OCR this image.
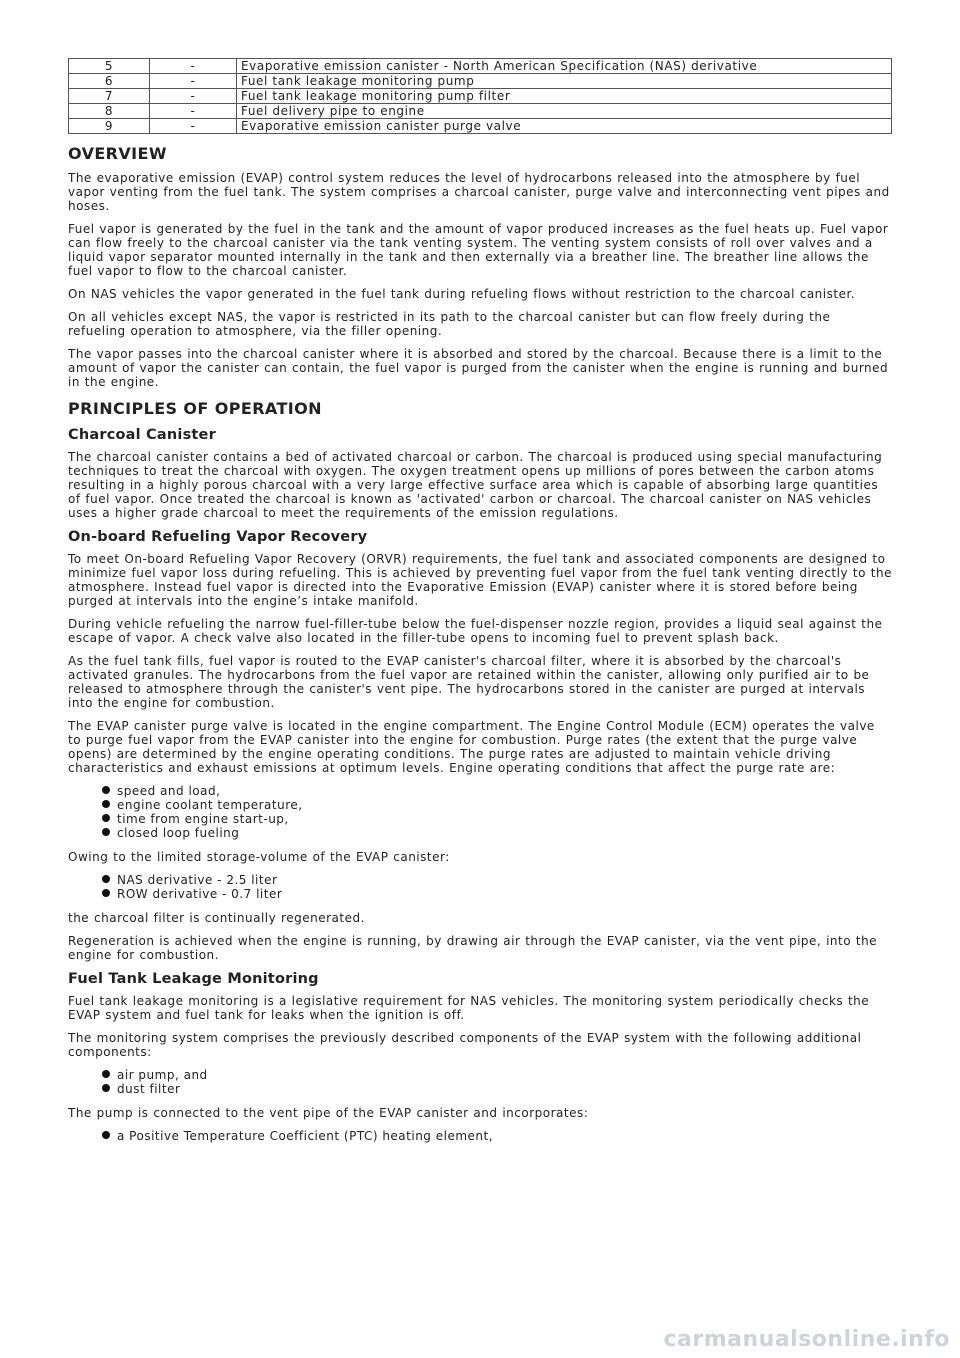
5	-	Evaporative emission canister - North American Specification (NAS) derivative
6	-	Fuel tank leakage monitoring pump
7	-	Fuel tank leakage monitoring pump filter
8	-	Fuel delivery pipe to engine
9	-	Evaporative emission canister purge valve
OVERVIEW

The evaporative emission (EVAP) control system reduces the level of hydrocarbons released into the atmosphere by fuel vapor venting from the fuel tank. The system comprises a charcoal canister, purge valve and interconnecting vent pipes and hoses.

Fuel vapor is generated by the fuel in the tank and the amount of vapor produced increases as the fuel heats up. Fuel vapor can flow freely to the charcoal canister via the tank venting system. The venting system consists of roll over valves and a liquid vapor separator mounted internally in the tank and then externally via a breather line. The breather line allows the fuel vapor to flow to the charcoal canister.

On NAS vehicles the vapor generated in the fuel tank during refueling flows without restriction to the charcoal canister.

On all vehicles except NAS, the vapor is restricted in its path to the charcoal canister but can flow freely during the refueling operation to atmosphere, via the filler opening.

The vapor passes into the charcoal canister where it is absorbed and stored by the charcoal. Because there is a limit to the amount of vapor the canister can contain, the fuel vapor is purged from the canister when the engine is running and burned in the engine.

PRINCIPLES OF OPERATION
Charcoal Canister

The charcoal canister contains a bed of activated charcoal or carbon. The charcoal is produced using special manufacturing techniques to treat the charcoal with oxygen. The oxygen treatment opens up millions of pores between the carbon atoms resulting in a highly porous charcoal with a very large effective surface area which is capable of absorbing large quantities of fuel vapor. Once treated the charcoal is known as 'activated' carbon or charcoal. The charcoal canister on NAS vehicles uses a higher grade charcoal to meet the requirements of the emission regulations.

On-board Refueling Vapor Recovery

To meet On-board Refueling Vapor Recovery (ORVR) requirements, the fuel tank and associated components are designed to minimize fuel vapor loss during refueling. This is achieved by preventing fuel vapor from the fuel tank venting directly to the atmosphere. Instead fuel vapor is directed into the Evaporative Emission (EVAP) canister where it is stored before being purged at intervals into the engine’s intake manifold.

During vehicle refueling the narrow fuel-filler-tube below the fuel-dispenser nozzle region, provides a liquid seal against the escape of vapor. A check valve also located in the filler-tube opens to incoming fuel to prevent splash back.

As the fuel tank fills, fuel vapor is routed to the EVAP canister's charcoal filter, where it is absorbed by the charcoal's activated granules. The hydrocarbons from the fuel vapor are retained within the canister, allowing only purified air to be released to atmosphere through the canister's vent pipe. The hydrocarbons stored in the canister are purged at intervals into the engine for combustion.

The EVAP canister purge valve is located in the engine compartment. The Engine Control Module (ECM) operates the valve to purge fuel vapor from the EVAP canister into the engine for combustion. Purge rates (the extent that the purge valve opens) are determined by the engine operating conditions. The purge rates are adjusted to maintain vehicle driving characteristics and exhaust emissions at optimum levels. Engine operating conditions that affect the purge rate are:

speed and load,
engine coolant temperature,
time from engine start-up,
closed loop fueling

Owing to the limited storage-volume of the EVAP canister:

NAS derivative - 2.5 liter
ROW derivative - 0.7 liter

the charcoal filter is continually regenerated.

Regeneration is achieved when the engine is running, by drawing air through the EVAP canister, via the vent pipe, into the engine for combustion.

Fuel Tank Leakage Monitoring

Fuel tank leakage monitoring is a legislative requirement for NAS vehicles. The monitoring system periodically checks the EVAP system and fuel tank for leaks when the ignition is off.

The monitoring system comprises the previously described components of the EVAP system with the following additional components:

air pump, and
dust filter

The pump is connected to the vent pipe of the EVAP canister and incorporates:

a Positive Temperature Coefficient (PTC) heating element,
carmanualsonline.info
